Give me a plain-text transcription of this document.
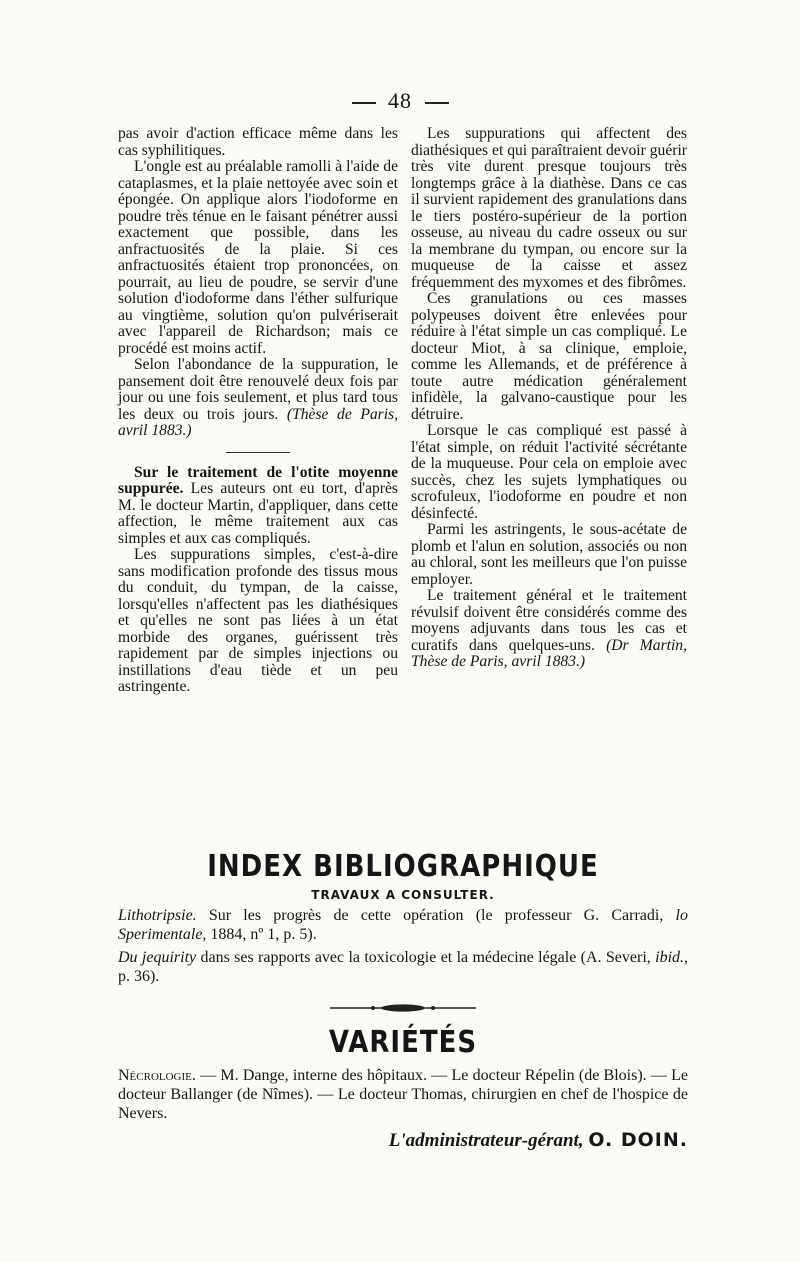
48

pas avoir d'action efficace même dans les cas syphilitiques.

L'ongle est au préalable ramolli à l'aide de cataplasmes, et la plaie nettoyée avec soin et épongée. On applique alors l'iodoforme en poudre très ténue en le faisant pénétrer aussi exactement que possible, dans les anfractuosités de la plaie. Si ces anfractuosités étaient trop prononcées, on pourrait, au lieu de poudre, se servir d'une solution d'iodoforme dans l'éther sulfurique au vingtième, solution qu'on pulvériserait avec l'appareil de Richardson; mais ce procédé est moins actif.

Selon l'abondance de la suppuration, le pansement doit être renouvelé deux fois par jour ou une fois seulement, et plus tard tous les deux ou trois jours. (Thèse de Paris, avril 1883.)

Sur le traitement de l'otite moyenne suppurée. Les auteurs ont eu tort, d'après M. le docteur Martin, d'appliquer, dans cette affection, le même traitement aux cas simples et aux cas compliqués.

Les suppurations simples, c'est-à-dire sans modification profonde des tissus mous du conduit, du tympan, de la caisse, lorsqu'elles n'affectent pas les diathésiques et qu'elles ne sont pas liées à un état morbide des organes, guérissent très rapidement par de simples injections ou instillations d'eau tiède et un peu astringente.

Les suppurations qui affectent des diathésiques et qui paraîtraient devoir guérir très vite durent presque toujours très longtemps grâce à la diathèse. Dans ce cas il survient rapidement des granulations dans le tiers postéro-supérieur de la portion osseuse, au niveau du cadre osseux ou sur la membrane du tympan, ou encore sur la muqueuse de la caisse et assez fréquemment des myxomes et des fibrômes.

Ces granulations ou ces masses polypeuses doivent être enlevées pour réduire à l'état simple un cas compliqué. Le docteur Miot, à sa clinique, emploie, comme les Allemands, et de préférence à toute autre médication généralement infidèle, la galvano-caustique pour les détruire.

Lorsque le cas compliqué est passé à l'état simple, on réduit l'activité sécrétante de la muqueuse. Pour cela on emploie avec succès, chez les sujets lymphatiques ou scrofuleux, l'iodoforme en poudre et non désinfecté.

Parmi les astringents, le sous-acétate de plomb et l'alun en solution, associés ou non au chloral, sont les meilleurs que l'on puisse employer.

Le traitement général et le traitement révulsif doivent être considérés comme des moyens adjuvants dans tous les cas et curatifs dans quelques-uns. (Dr Martin, Thèse de Paris, avril 1883.)

INDEX BIBLIOGRAPHIQUE
TRAVAUX A CONSULTER.
Lithotripsie. Sur les progrès de cette opération (le professeur G. Carradi, lo Sperimentale, 1884, nº 1, p. 5).
Du jequirity dans ses rapports avec la toxicologie et la médecine légale (A. Severi, ibid., p. 36).
VARIÉTÉS
Nécrologie. — M. Dange, interne des hôpitaux. — Le docteur Répelin (de Blois). — Le docteur Ballanger (de Nîmes). — Le docteur Thomas, chirurgien en chef de l'hospice de Nevers.
L'administrateur-gérant, O. DOIN.
